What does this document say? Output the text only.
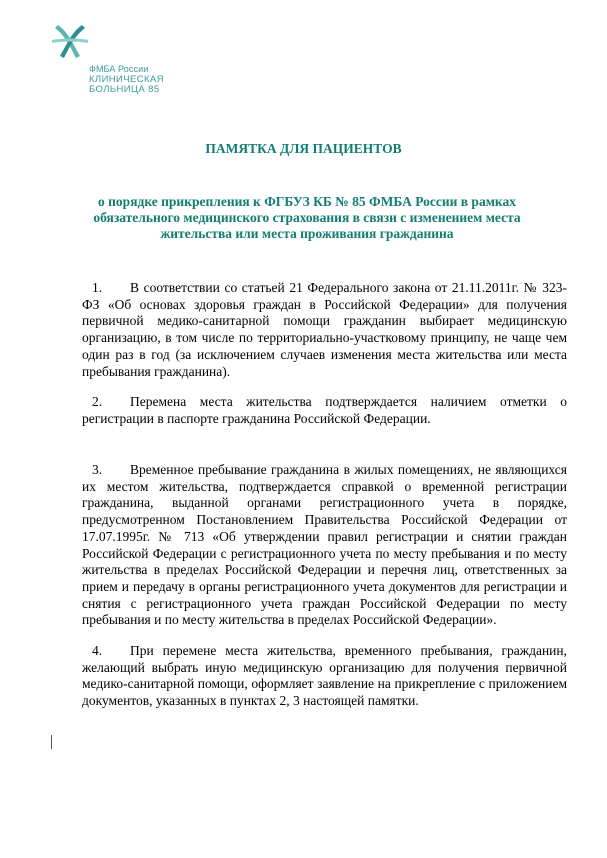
ФМБА России
КЛИНИЧЕСКАЯ
БОЛЬНИЦА 85
ПАМЯТКА ДЛЯ ПАЦИЕНТОВ
о порядке прикрепления к ФГБУЗ КБ № 85 ФМБА России в рамках обязательного медицинского страхования в связи с изменением места жительства или места проживания гражданина
1. В соответствии со статьей 21 Федерального закона от 21.11.2011г. № 323-ФЗ «Об основах здоровья граждан в Российской Федерации» для получения первичной медико-санитарной помощи гражданин выбирает медицинскую организацию, в том числе по территориально-участковому принципу, не чаще чем один раз в год (за исключением случаев изменения места жительства или места пребывания гражданина).
2. Перемена места жительства подтверждается наличием отметки о регистрации в паспорте гражданина Российской Федерации.
3. Временное пребывание гражданина в жилых помещениях, не являющихся их местом жительства, подтверждается справкой о временной регистрации гражданина, выданной органами регистрационного учета в порядке, предусмотренном Постановлением Правительства Российской Федерации от 17.07.1995г. № 713 «Об утверждении правил регистрации и снятии граждан Российской Федерации с регистрационного учета по месту пребывания и по месту жительства в пределах Российской Федерации и перечня лиц, ответственных за прием и передачу в органы регистрационного учета документов для регистрации и снятия с регистрационного учета граждан Российской Федерации по месту пребывания и по месту жительства в пределах Российской Федерации».
4. При перемене места жительства, временного пребывания, гражданин, желающий выбрать иную медицинскую организацию для получения первичной медико-санитарной помощи, оформляет заявление на прикрепление с приложением документов, указанных в пунктах 2, 3 настоящей памятки.
